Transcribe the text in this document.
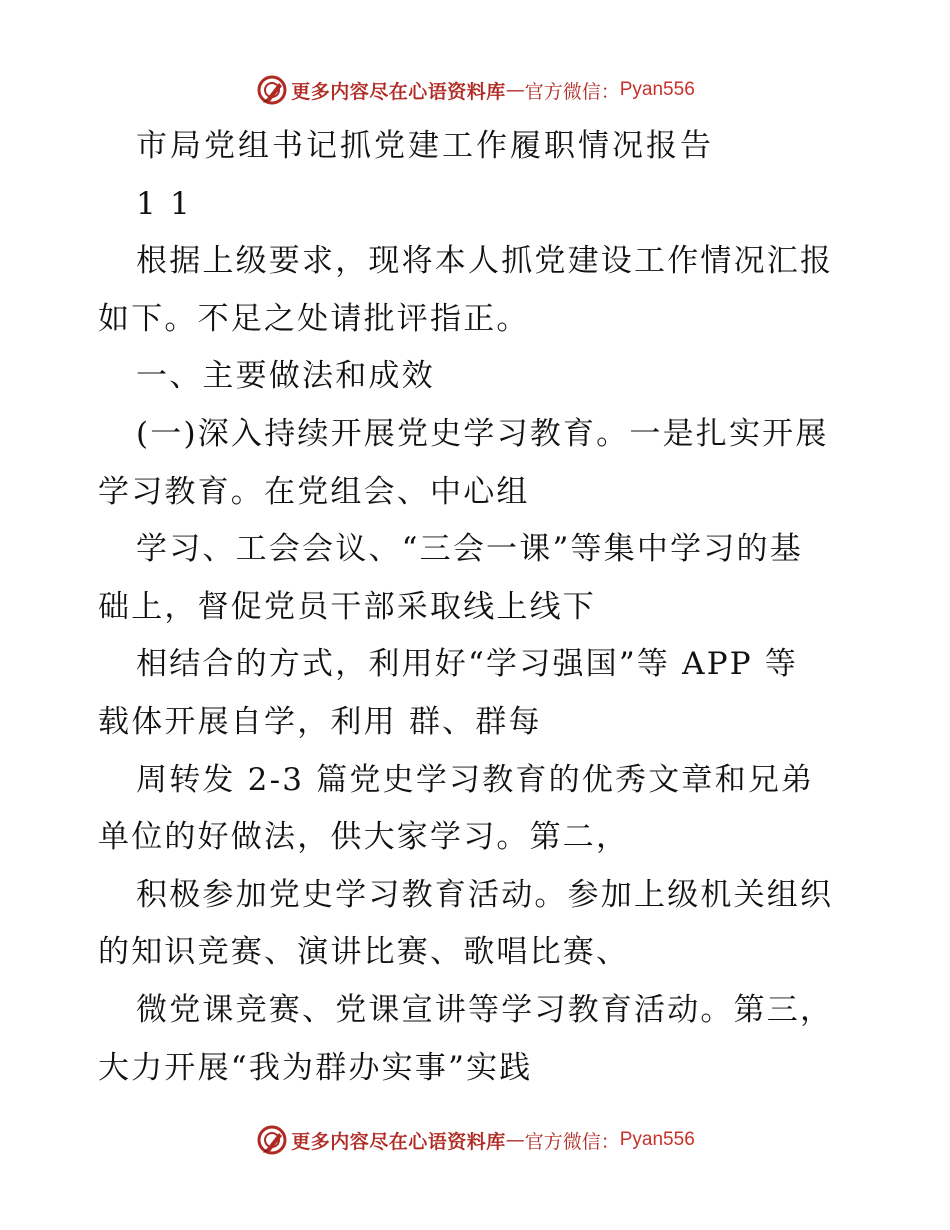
更多内容尽在心语资料库 — 官方微信： Pyan556
市局党组书记抓党建工作履职情况报告
1 1
根据上级要求，现将本人抓党建设工作情况汇报
如下。不足之处请批评指正。
一、主要做法和成效
(一)深入持续开展党史学习教育。一是扎实开展
学习教育。在党组会、中心组
学习、工会会议、“三会一课”等集中学习的基
础上，督促党员干部采取线上线下
相结合的方式，利用好“学习强国”等 APP 等
载体开展自学，利用 群、群每
周转发 2-3 篇党史学习教育的优秀文章和兄弟
单位的好做法，供大家学习。第二，
积极参加党史学习教育活动。参加上级机关组织
的知识竞赛、演讲比赛、歌唱比赛、
微党课竞赛、党课宣讲等学习教育活动。第三，
大力开展“我为群办实事”实践
更多内容尽在心语资料库 — 官方微信： Pyan556
